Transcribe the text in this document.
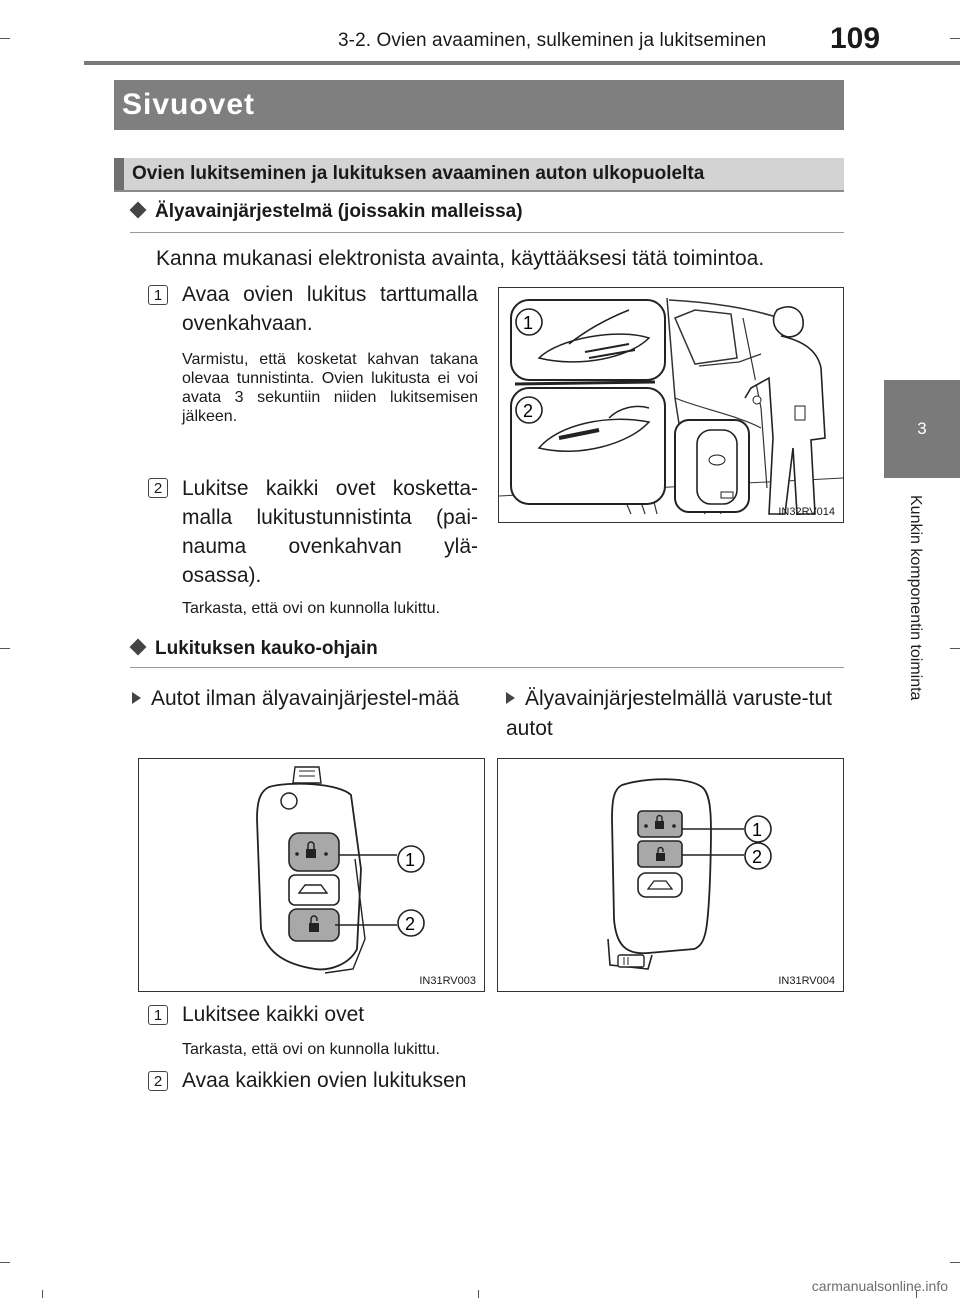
3-2. Ovien avaaminen, sulkeminen ja lukitseminen 109
3
Kunkin komponentin toiminta
Sivuovet
Ovien lukitseminen ja lukituksen avaaminen auton ulkopuolelta
Älyavainjärjestelmä (joissakin malleissa)
Kanna mukanasi elektronista avainta, käyttääksesi tätä toimintoa.
1 Avaa ovien lukitus tarttumalla ovenkahvaan.
Varmistu, että kosketat kahvan takana olevaa tunnistinta. Ovien lukitusta ei voi avata 3 sekuntiin niiden lukitsemisen jälkeen.
2 Lukitse kaikki ovet kosketta-malla lukitustunnistinta (pai-nauma ovenkahvan ylä-osassa).
Tarkasta, että ovi on kunnolla lukittu.
1
2
IN32RV014
Lukituksen kauko-ohjain
Autot ilman älyavainjärjestel-mää	Älyavainjärjestelmällä varuste-tut autot
1
2
IN31RV003
1
2
IN31RV004
1 Lukitsee kaikki ovet
Tarkasta, että ovi on kunnolla lukittu.
2 Avaa kaikkien ovien lukituksen
carmanualsonline.info
